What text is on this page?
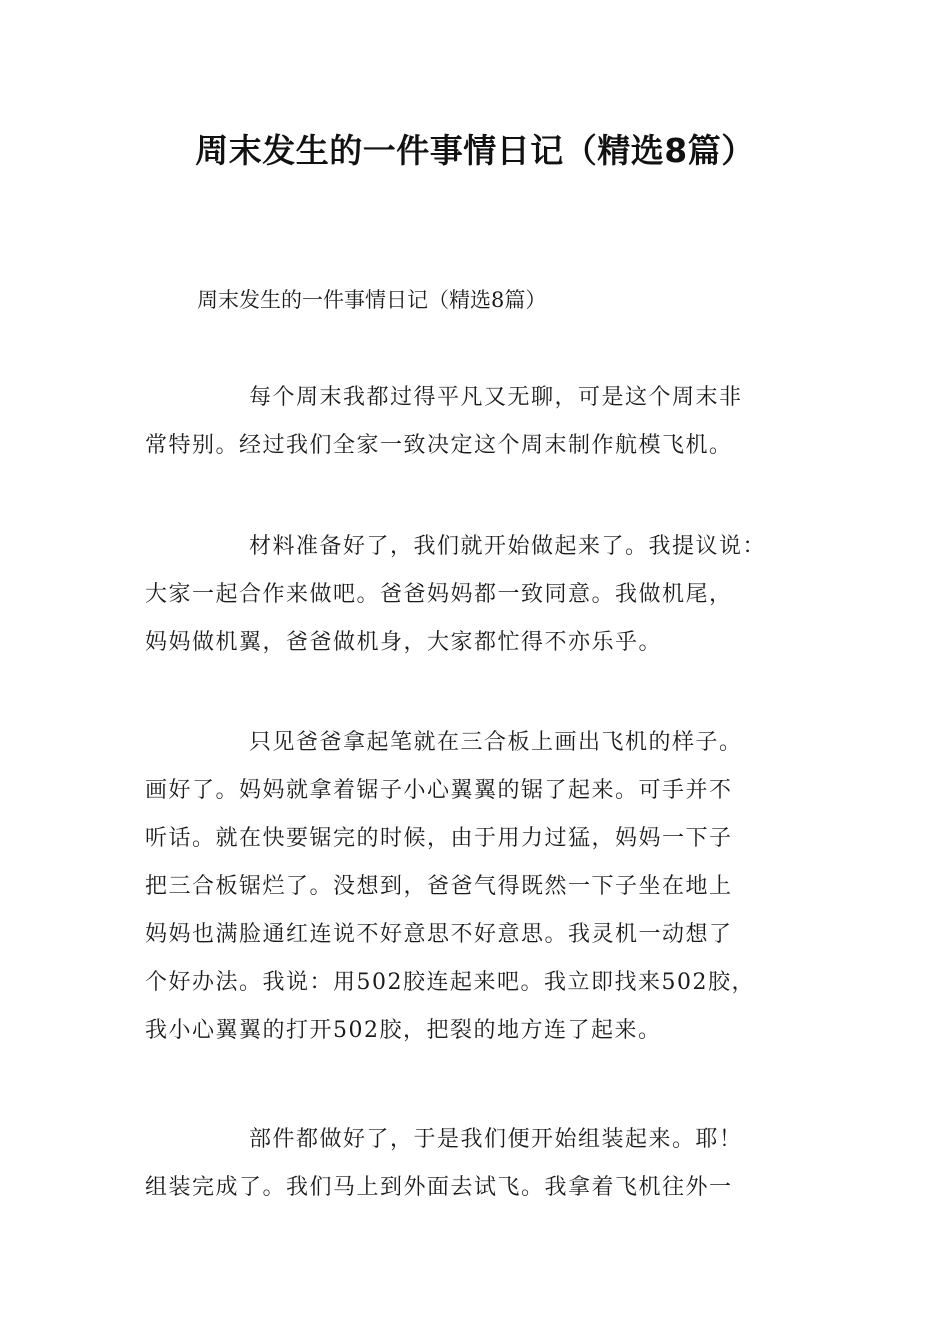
周末发生的一件事情日记（精选8篇）

周末发生的一件事情日记（精选8篇）

每个周末我都过得平凡又无聊，可是这个周末非
常特别。经过我们全家一致决定这个周末制作航模飞机。
材料准备好了，我们就开始做起来了。我提议说：
大家一起合作来做吧。爸爸妈妈都一致同意。我做机尾，
妈妈做机翼，爸爸做机身，大家都忙得不亦乐乎。
只见爸爸拿起笔就在三合板上画出飞机的样子。
画好了。妈妈就拿着锯子小心翼翼的锯了起来。可手并不
听话。就在快要锯完的时候，由于用力过猛，妈妈一下子
把三合板锯烂了。没想到，爸爸气得既然一下子坐在地上
妈妈也满脸通红连说不好意思不好意思。我灵机一动想了
个好办法。我说：用502胶连起来吧。我立即找来502胶，
我小心翼翼的打开502胶，把裂的地方连了起来。
部件都做好了，于是我们便开始组装起来。耶！
组装完成了。我们马上到外面去试飞。我拿着飞机往外一
